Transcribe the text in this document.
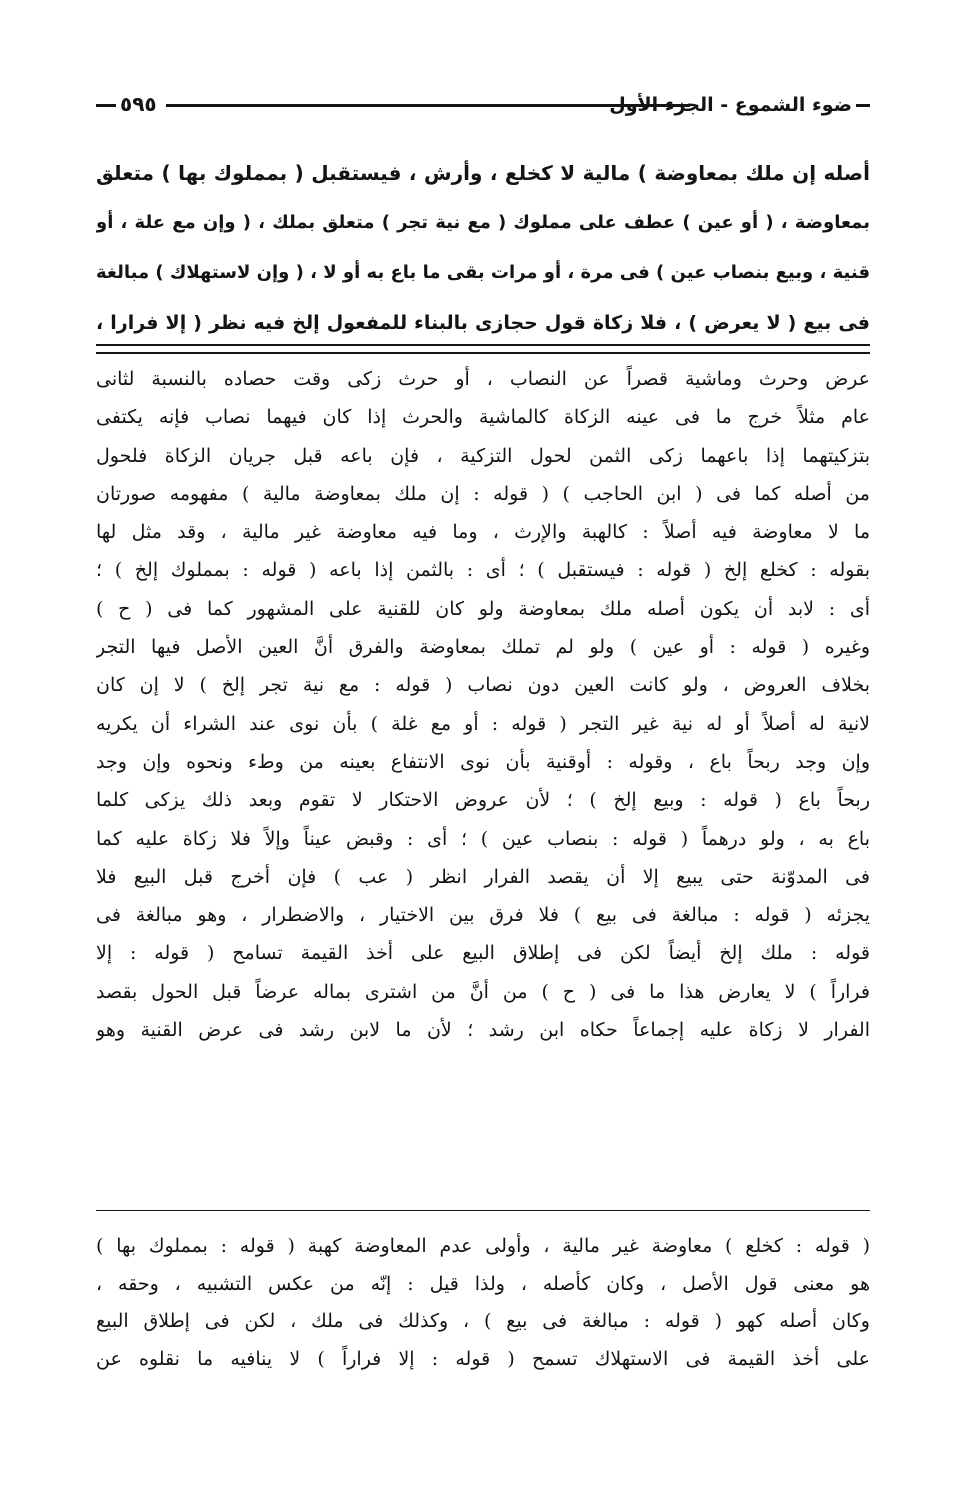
ضوء الشموع - الجزء الأول
٥٩٥
أصله إن ملك بمعاوضة ) مالية لا كخلع ، وأرش ، فيستقبل ( بمملوك بها ) متعلق
بمعاوضة ، ( أو عين ) عطف على مملوك ( مع نية تجر ) متعلق بملك ، ( وإن مع علة ، أو
قنية ، وبيع بنصاب عين ) فى مرة ، أو مرات بقى ما باع به أو لا ، ( وإن لاستهلاك ) مبالغة
فى بيع ( لا يعرض ) ، فلا زكاة قول حجازى بالبناء للمفعول إلخ فيه نظر ( إلا فرارا ،
عرض وحرث وماشية قصراً عن النصاب ، أو حرث زكى وقت حصاده بالنسبة لثانى
عام مثلاً خرج ما فى عينه الزكاة كالماشية والحرث إذا كان فيهما نصاب فإنه يكتفى
بتزكيتهما إذا باعهما زكى الثمن لحول التزكية ، فإن باعه قبل جريان الزكاة فلحول
من أصله كما فى ( ابن الحاجب ) ( قوله : إن ملك بمعاوضة مالية ) مفهومه صورتان
ما لا معاوضة فيه أصلاً : كالهبة والإرث ، وما فيه معاوضة غير مالية ، وقد مثل لها
بقوله : كخلع إلخ ( قوله : فيستقبل ) ؛ أى : بالثمن إذا باعه ( قوله : بمملوك إلخ ) ؛
أى : لابد أن يكون أصله ملك بمعاوضة ولو كان للقنية على المشهور كما فى ( ح )
وغيره ( قوله : أو عين ) ولو لم تملك بمعاوضة والفرق أنَّ العين الأصل فيها التجر
بخلاف العروض ، ولو كانت العين دون نصاب ( قوله : مع نية تجر إلخ ) لا إن كان
لانية له أصلاً أو له نية غير التجر ( قوله : أو مع غلة ) بأن نوى عند الشراء أن يكريه
وإن وجد ربحاً باع ، وقوله : أوقنية بأن نوى الانتفاع بعينه من وطء ونحوه وإن وجد
ربحاً باع ( قوله : وبيع إلخ ) ؛ لأن عروض الاحتكار لا تقوم وبعد ذلك يزكى كلما
باع به ، ولو درهماً ( قوله : بنصاب عين ) ؛ أى : وقبض عيناً وإلاً فلا زكاة عليه كما
فى المدوّنة حتى يبيع إلا أن يقصد الفرار انظر ( عب ) فإن أخرج قبل البيع فلا
يجزئه ( قوله : مبالغة فى بيع ) فلا فرق بين الاختيار ، والاضطرار ، وهو مبالغة فى
قوله : ملك إلخ أيضاً لكن فى إطلاق البيع على أخذ القيمة تسامح ( قوله : إلا
فراراً ) لا يعارض هذا ما فى ( ح ) من أنَّ من اشترى بماله عرضاً قبل الحول بقصد
الفرار لا زكاة عليه إجماعاً حكاه ابن رشد ؛ لأن ما لابن رشد فى عرض القنية وهو
( قوله : كخلع ) معاوضة غير مالية ، وأولى عدم المعاوضة كهبة ( قوله : بمملوك بها )
هو معنى قول الأصل ، وكان كأصله ، ولذا قيل : إنّه من عكس التشبيه ، وحقه ،
وكان أصله كهو ( قوله : مبالغة فى بيع ) ، وكذلك فى ملك ، لكن فى إطلاق البيع
على أخذ القيمة فى الاستهلاك تسمح ( قوله : إلا فراراً ) لا ينافيه ما نقلوه عن
